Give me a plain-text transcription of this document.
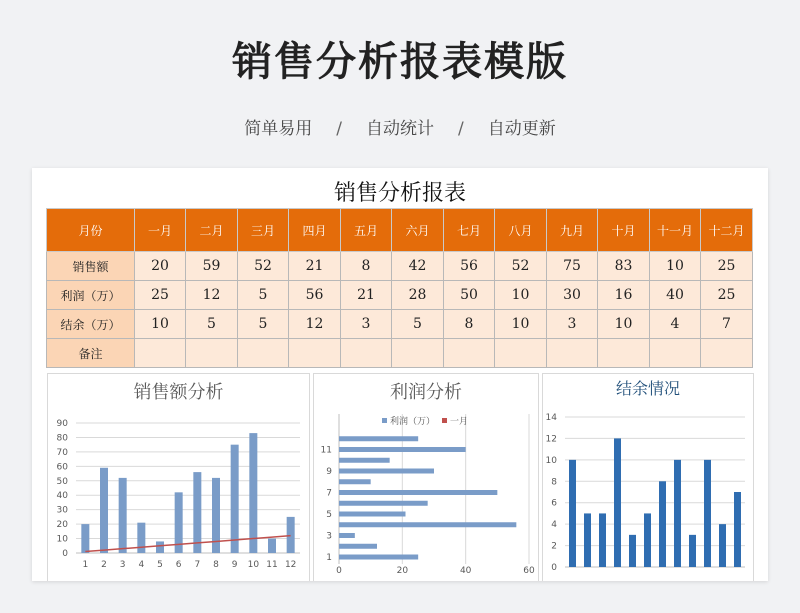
销售分析报表模版
简单易用 / 自动统计 / 自动更新
销售分析报表
月份	一月	二月	三月	四月	五月	六月	七月	八月	九月	十月	十一月	十二月
销售额	20	59	52	21	8	42	56	52	75	83	10	25
利润（万）	25	12	5	56	21	28	50	10	30	16	40	25
结余（万）	10	5	5	12	3	5	8	10	3	10	4	7
备注												
销售额分析
0
10
20
30
40
50
60
70
80
90
1 2 3 4 5 6 7 8 9 10 11 12
利润分析
0	20	40	60
1
3
5
7
9
11
利润（万） 一月
结余情况
0
2
4
6
8
10
12
14
